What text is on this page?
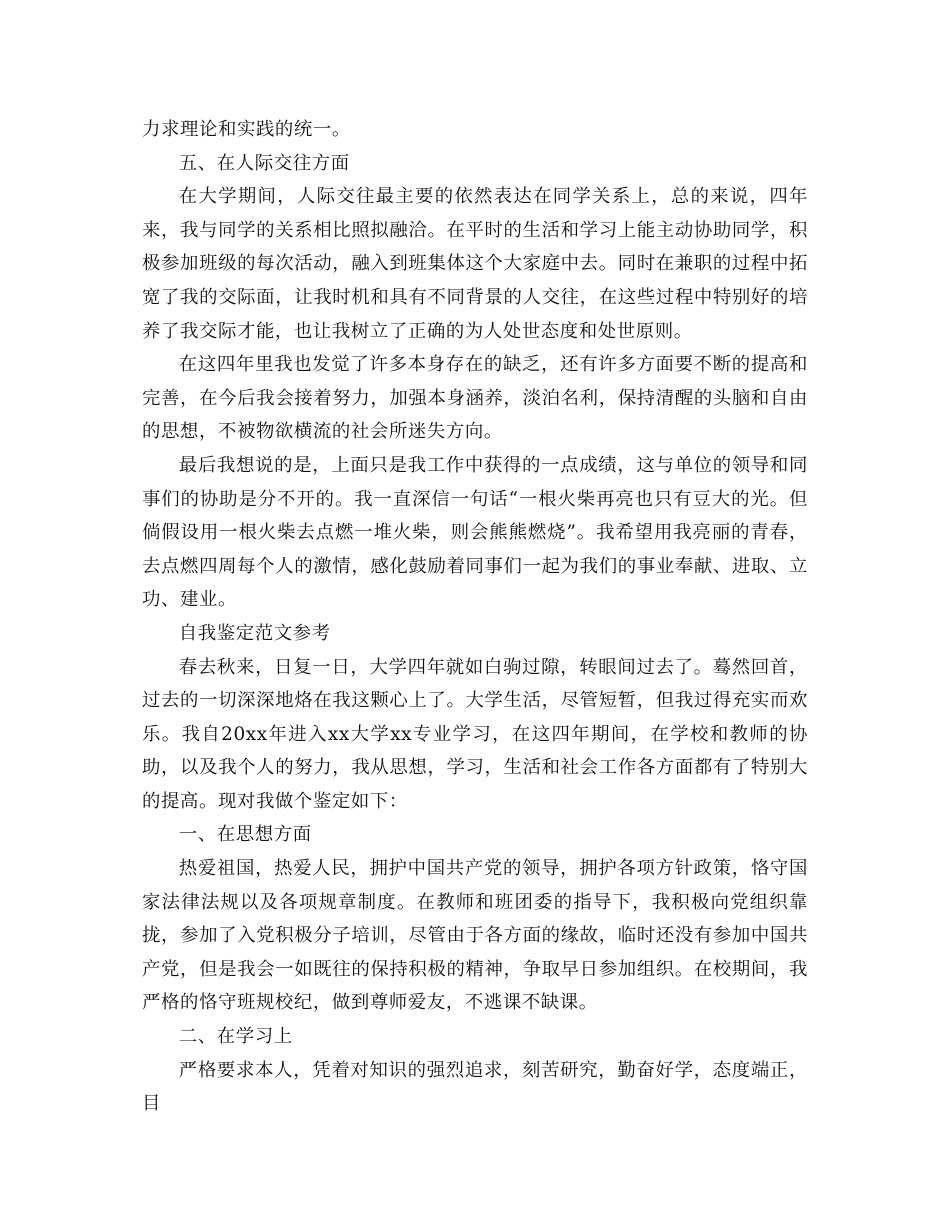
力求理论和实践的统一。

五、在人际交往方面

在大学期间，人际交往最主要的依然表达在同学关系上，总的来说，四年来，我与同学的关系相比照拟融洽。在平时的生活和学习上能主动协助同学，积极参加班级的每次活动，融入到班集体这个大家庭中去。同时在兼职的过程中拓宽了我的交际面，让我时机和具有不同背景的人交往，在这些过程中特别好的培养了我交际才能，也让我树立了正确的为人处世态度和处世原则。

在这四年里我也发觉了许多本身存在的缺乏，还有许多方面要不断的提高和完善，在今后我会接着努力，加强本身涵养，淡泊名利，保持清醒的头脑和自由的思想，不被物欲横流的社会所迷失方向。

最后我想说的是，上面只是我工作中获得的一点成绩，这与单位的领导和同事们的协助是分不开的。我一直深信一句话“一根火柴再亮也只有豆大的光。但倘假设用一根火柴去点燃一堆火柴，则会熊熊燃烧”。我希望用我亮丽的青春，去点燃四周每个人的激情，感化鼓励着同事们一起为我们的事业奉献、进取、立功、建业。

自我鉴定范文参考

春去秋来，日复一日，大学四年就如白驹过隙，转眼间过去了。蓦然回首，过去的一切深深地烙在我这颗心上了。大学生活，尽管短暂，但我过得充实而欢乐。我自20xx年进入xx大学xx专业学习，在这四年期间，在学校和教师的协助，以及我个人的努力，我从思想，学习，生活和社会工作各方面都有了特别大的提高。现对我做个鉴定如下：

一、在思想方面

热爱祖国，热爱人民，拥护中国共产党的领导，拥护各项方针政策，恪守国家法律法规以及各项规章制度。在教师和班团委的指导下，我积极向党组织靠拢，参加了入党积极分子培训，尽管由于各方面的缘故，临时还没有参加中国共产党，但是我会一如既往的保持积极的精神，争取早日参加组织。在校期间，我严格的恪守班规校纪，做到尊师爱友，不逃课不缺课。

二、在学习上

严格要求本人，凭着对知识的强烈追求，刻苦研究，勤奋好学，态度端正，目
